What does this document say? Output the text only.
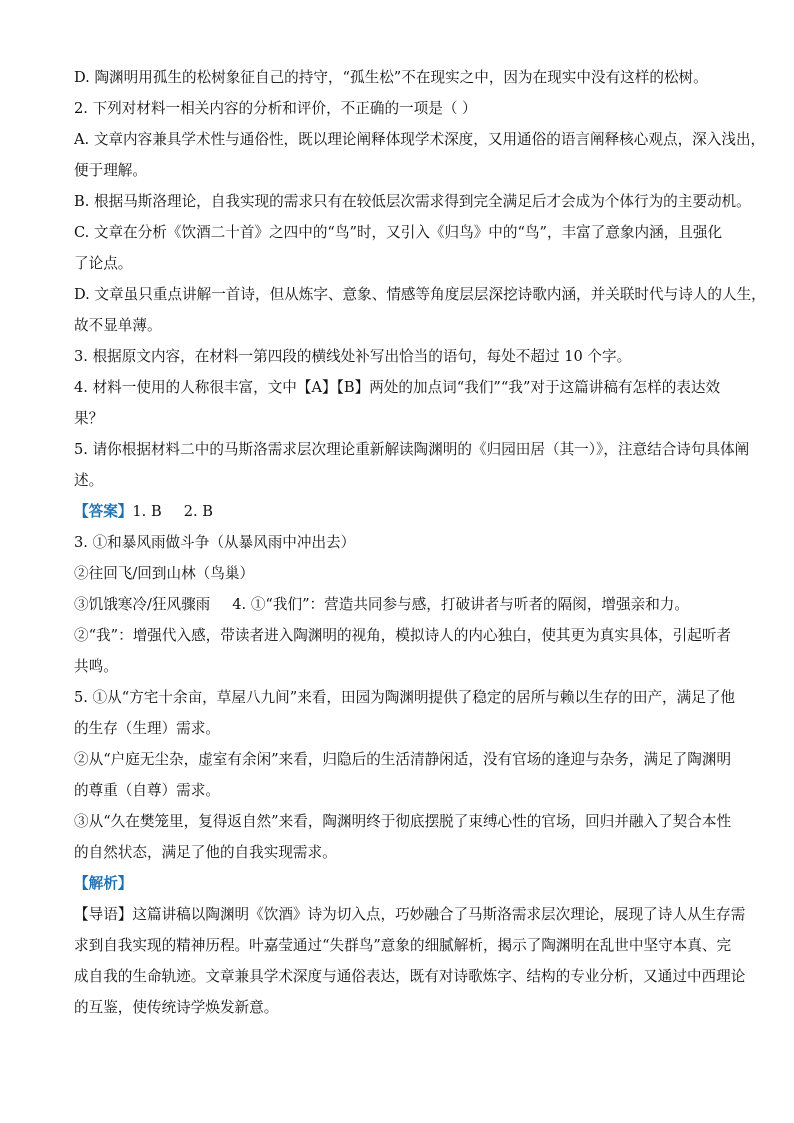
D. 陶渊明用孤生的松树象征自己的持守，“孤生松”不在现实之中，因为在现实中没有这样的松树。
2. 下列对材料一相关内容的分析和评价，不正确的一项是（ ）
A. 文章内容兼具学术性与通俗性，既以理论阐释体现学术深度，又用通俗的语言阐释核心观点，深入浅出，
便于理解。
B. 根据马斯洛理论，自我实现的需求只有在较低层次需求得到完全满足后才会成为个体行为的主要动机。
C. 文章在分析《饮酒二十首》之四中的“鸟”时，又引入《归鸟》中的“鸟”，丰富了意象内涵，且强化
了论点。
D. 文章虽只重点讲解一首诗，但从炼字、意象、情感等角度层层深挖诗歌内涵，并关联时代与诗人的人生，
故不显单薄。
3. 根据原文内容，在材料一第四段的横线处补写出恰当的语句，每处不超过 10 个字。
4. 材料一使用的人称很丰富，文中【A】【B】两处的加点词“我们”“我”对于这篇讲稿有怎样的表达效
果？
5. 请你根据材料二中的马斯洛需求层次理论重新解读陶渊明的《归园田居（其一）》，注意结合诗句具体阐
述。
【答案】1. B 2. B
3. ①和暴风雨做斗争（从暴风雨中冲出去）
②往回飞/回到山林（鸟巢）
③饥饿寒冷/狂风骤雨 4. ①“我们”：营造共同参与感，打破讲者与听者的隔阂，增强亲和力。
②“我”：增强代入感，带读者进入陶渊明的视角，模拟诗人的内心独白，使其更为真实具体，引起听者
共鸣。
5. ①从“方宅十余亩，草屋八九间”来看，田园为陶渊明提供了稳定的居所与赖以生存的田产，满足了他
的生存（生理）需求。
②从“户庭无尘杂，虚室有余闲”来看，归隐后的生活清静闲适，没有官场的逢迎与杂务，满足了陶渊明
的尊重（自尊）需求。
③从“久在樊笼里，复得返自然”来看，陶渊明终于彻底摆脱了束缚心性的官场，回归并融入了契合本性
的自然状态，满足了他的自我实现需求。
【解析】
【导语】这篇讲稿以陶渊明《饮酒》诗为切入点，巧妙融合了马斯洛需求层次理论，展现了诗人从生存需
求到自我实现的精神历程。叶嘉莹通过“失群鸟”意象的细腻解析，揭示了陶渊明在乱世中坚守本真、完
成自我的生命轨迹。文章兼具学术深度与通俗表达，既有对诗歌炼字、结构的专业分析，又通过中西理论
的互鉴，使传统诗学焕发新意。
